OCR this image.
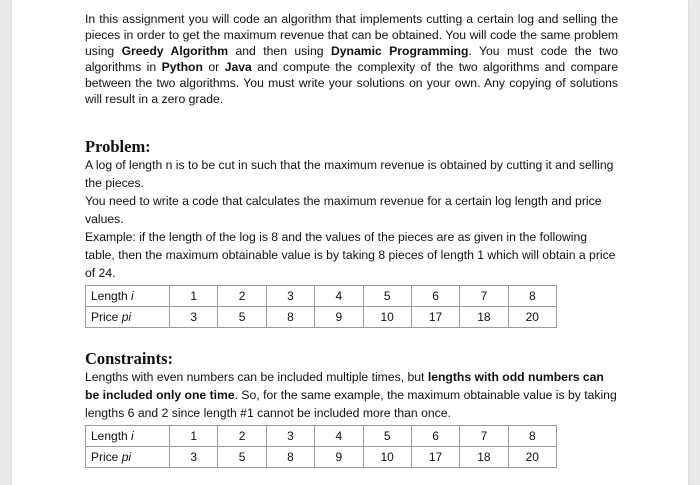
In this assignment you will code an algorithm that implements cutting a certain log and selling the pieces in order to get the maximum revenue that can be obtained. You will code the same problem using Greedy Algorithm and then using Dynamic Programming. You must code the two algorithms in Python or Java and compute the complexity of the two algorithms and compare between the two algorithms. You must write your solutions on your own. Any copying of solutions will result in a zero grade.

Problem:

A log of length n is to be cut in such that the maximum revenue is obtained by cutting it and selling the pieces.

You need to write a code that calculates the maximum revenue for a certain log length and price values.

Example: if the length of the log is 8 and the values of the pieces are as given in the following table, then the maximum obtainable value is by taking 8 pieces of length 1 which will obtain a price of 24.

Length i	1	2	3	4	5	6	7	8
Price pi	3	5	8	9	10	17	18	20

Constraints:

Lengths with even numbers can be included multiple times, but lengths with odd numbers can be included only one time. So, for the same example, the maximum obtainable value is by taking lengths 6 and 2 since length #1 cannot be included more than once.

Length i	1	2	3	4	5	6	7	8
Price pi	3	5	8	9	10	17	18	20
